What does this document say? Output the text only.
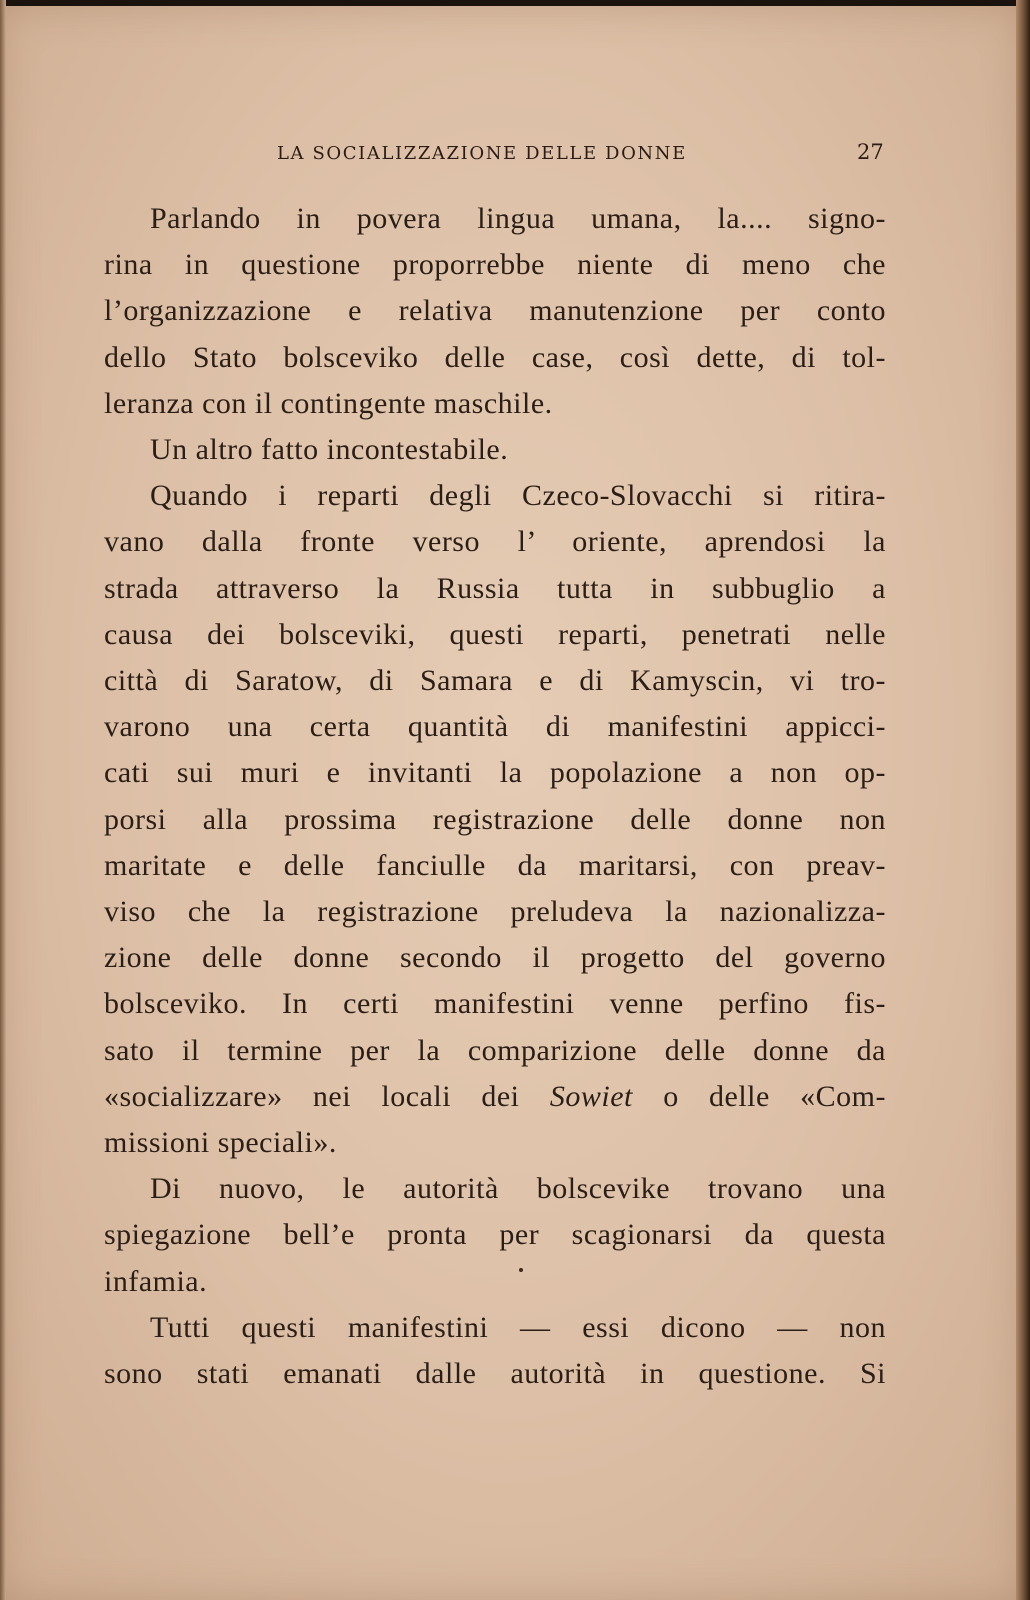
LA SOCIALIZZAZIONE DELLE DONNE	27
Parlando in povera lingua umana, la.... signo-
rina in questione proporrebbe niente di meno che
l’organizzazione e relativa manutenzione per conto
dello Stato bolsceviko delle case, così dette, di tol-
leranza con il contingente maschile.
Un altro fatto incontestabile.
Quando i reparti degli Czeco-Slovacchi si ritira-
vano dalla fronte verso l’ oriente, aprendosi la
strada attraverso la Russia tutta in subbuglio a
causa dei bolsceviki, questi reparti, penetrati nelle
città di Saratow, di Samara e di Kamyscin, vi tro-
varono una certa quantità di manifestini appicci-
cati sui muri e invitanti la popolazione a non op-
porsi alla prossima registrazione delle donne non
maritate e delle fanciulle da maritarsi, con preav-
viso che la registrazione preludeva la nazionalizza-
zione delle donne secondo il progetto del governo
bolsceviko. In certi manifestini venne perfino fis-
sato il termine per la comparizione delle donne da
«socializzare» nei locali dei Sowiet o delle «Com-
missioni speciali».
Di nuovo, le autorità bolscevike trovano una
spiegazione bell’e pronta per scagionarsi da questa
infamia.
Tutti questi manifestini — essi dicono — non
sono stati emanati dalle autorità in questione. Si
